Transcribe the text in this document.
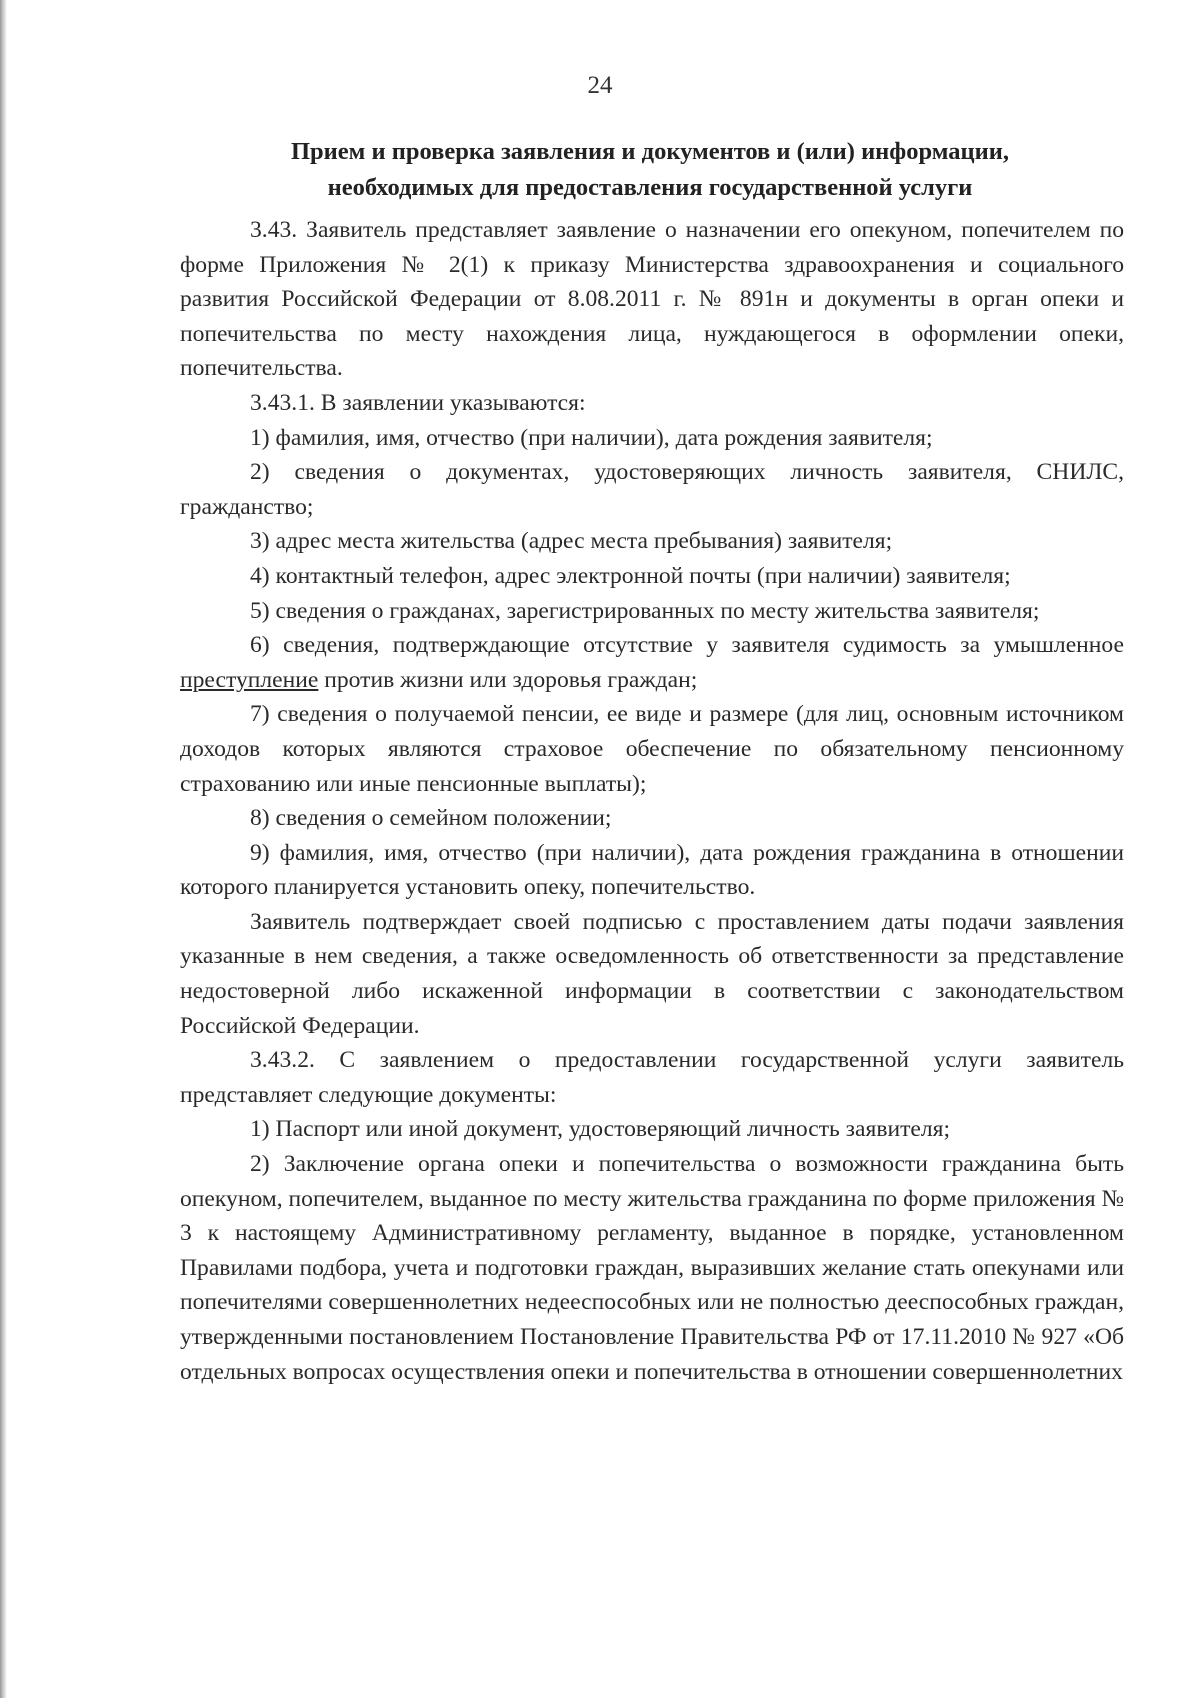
24
Прием и проверка заявления и документов и (или) информации,
необходимых для предоставления государственной услуги

3.43. Заявитель представляет заявление о назначении его опекуном, попечителем по форме Приложения № 2(1) к приказу Министерства здравоохранения и социального развития Российской Федерации от 8.08.2011 г. № 891н и документы в орган опеки и попечительства по месту нахождения лица, нуждающегося в оформлении опеки, попечительства.

3.43.1. В заявлении указываются:

1) фамилия, имя, отчество (при наличии), дата рождения заявителя;

2) сведения о документах, удостоверяющих личность заявителя, СНИЛС, гражданство;

3) адрес места жительства (адрес места пребывания) заявителя;

4) контактный телефон, адрес электронной почты (при наличии) заявителя;

5) сведения о гражданах, зарегистрированных по месту жительства заявителя;

6) сведения, подтверждающие отсутствие у заявителя судимость за умышленное преступление против жизни или здоровья граждан;

7) сведения о получаемой пенсии, ее виде и размере (для лиц, основным источником доходов которых являются страховое обеспечение по обязательному пенсионному страхованию или иные пенсионные выплаты);

8) сведения о семейном положении;

9) фамилия, имя, отчество (при наличии), дата рождения гражданина в отношении которого планируется установить опеку, попечительство.

Заявитель подтверждает своей подписью с проставлением даты подачи заявления указанные в нем сведения, а также осведомленность об ответственности за представление недостоверной либо искаженной информации в соответствии с законодательством Российской Федерации.

3.43.2. С заявлением о предоставлении государственной услуги заявитель представляет следующие документы:

1) Паспорт или иной документ, удостоверяющий личность заявителя;

2) Заключение органа опеки и попечительства о возможности гражданина быть опекуном, попечителем, выданное по месту жительства гражданина по форме приложения № 3 к настоящему Административному регламенту, выданное в порядке, установленном Правилами подбора, учета и подготовки граждан, выразивших желание стать опекунами или попечителями совершеннолетних недееспособных или не полностью дееспособных граждан, утвержденными постановлением Постановление Правительства РФ от 17.11.2010 № 927 «Об отдельных вопросах осуществления опеки и попечительства в отношении совершеннолетних
